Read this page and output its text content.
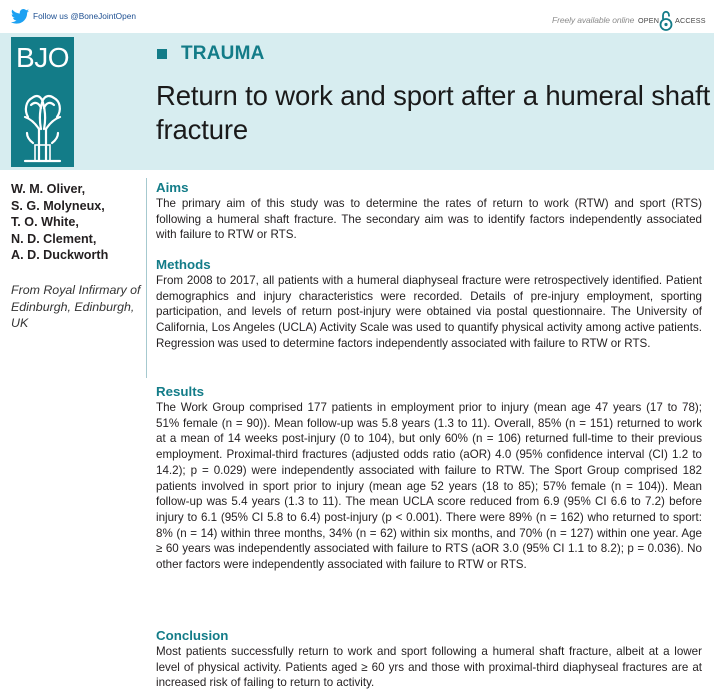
Follow us @BoneJointOpen	Freely available online OPEN ACCESS
BJO	TRAUMA
Return to work and sport after a humeral shaft fracture
W. M. Oliver,
S. G. Molyneux,
T. O. White,
N. D. Clement,
A. D. Duckworth
From Royal Infirmary of Edinburgh, Edinburgh, UK
Aims

The primary aim of this study was to determine the rates of return to work (RTW) and sport (RTS) following a humeral shaft fracture. The secondary aim was to identify factors independently associated with failure to RTW or RTS.

Methods

From 2008 to 2017, all patients with a humeral diaphyseal fracture were retrospectively identified. Patient demographics and injury characteristics were recorded. Details of pre-injury employment, sporting participation, and levels of return post-injury were obtained via postal questionnaire. The University of California, Los Angeles (UCLA) Activity Scale was used to quantify physical activity among active patients. Regression was used to determine factors independently associated with failure to RTW or RTS.

Results

The Work Group comprised 177 patients in employment prior to injury (mean age 47 years (17 to 78); 51% female (n = 90)). Mean follow-up was 5.8 years (1.3 to 11). Overall, 85% (n = 151) returned to work at a mean of 14 weeks post-injury (0 to 104), but only 60% (n = 106) returned full-time to their previous employment. Proximal-third fractures (adjusted odds ratio (aOR) 4.0 (95% confidence interval (CI) 1.2 to 14.2); p = 0.029) were independently associated with failure to RTW. The Sport Group comprised 182 patients involved in sport prior to injury (mean age 52 years (18 to 85); 57% female (n = 104)). Mean follow-up was 5.4 years (1.3 to 11). The mean UCLA score reduced from 6.9 (95% CI 6.6 to 7.2) before injury to 6.1 (95% CI 5.8 to 6.4) post-injury (p < 0.001). There were 89% (n = 162) who returned to sport: 8% (n = 14) within three months, 34% (n = 62) within six months, and 70% (n = 127) within one year. Age ≥ 60 years was independently associated with failure to RTS (aOR 3.0 (95% CI 1.1 to 8.2); p = 0.036). No other factors were independently associated with failure to RTW or RTS.

Conclusion

Most patients successfully return to work and sport following a humeral shaft fracture, albeit at a lower level of physical activity. Patients aged ≥ 60 yrs and those with proximal-third diaphyseal fractures are at increased risk of failing to return to activity.
